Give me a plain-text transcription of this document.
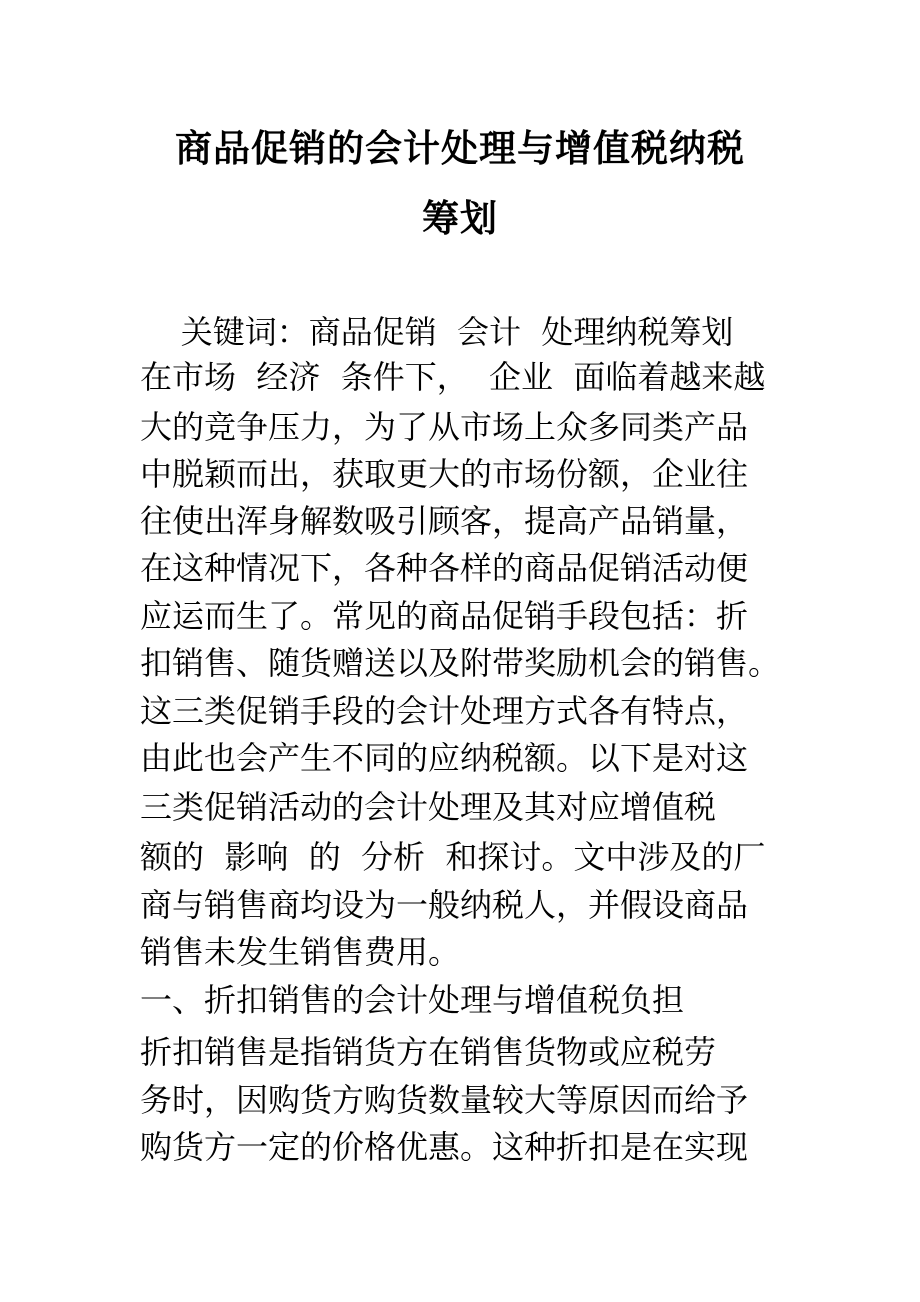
商品促销的会计处理与增值税纳税
筹划
关键词：商品促销  会计  处理纳税筹划
在市场  经济  条件下，  企业  面临着越来越
大的竞争压力，为了从市场上众多同类产品
中脱颖而出，获取更大的市场份额，企业往
往使出浑身解数吸引顾客，提高产品销量，
在这种情况下，各种各样的商品促销活动便
应运而生了。常见的商品促销手段包括：折
扣销售、随货赠送以及附带奖励机会的销售。
这三类促销手段的会计处理方式各有特点，
由此也会产生不同的应纳税额。以下是对这
三类促销活动的会计处理及其对应增值税
额的  影响  的  分析  和探讨。文中涉及的厂
商与销售商均设为一般纳税人，并假设商品
销售未发生销售费用。
一、折扣销售的会计处理与增值税负担
折扣销售是指销货方在销售货物或应税劳
务时，因购货方购货数量较大等原因而给予
购货方一定的价格优惠。这种折扣是在实现
